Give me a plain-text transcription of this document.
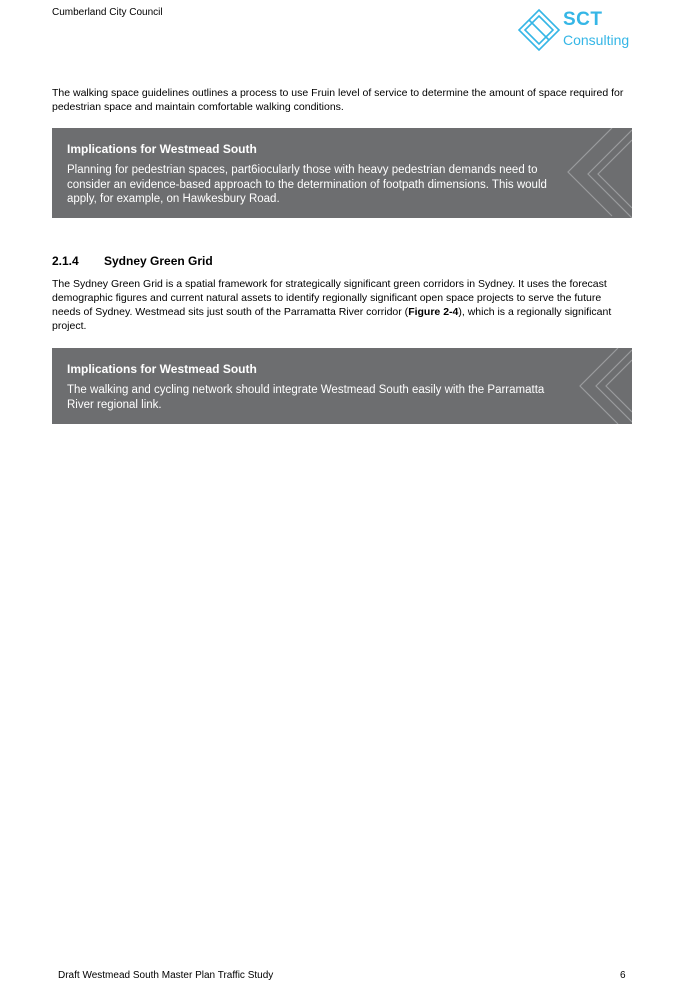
Cumberland City Council	SCT
Consulting
The walking space guidelines outlines a process to use Fruin level of service to determine the amount of space required for pedestrian space and maintain comfortable walking conditions.
Implications for Westmead South
Planning for pedestrian spaces, part6iocularly those with heavy pedestrian demands need to consider an evidence-based approach to the determination of footpath dimensions. This would apply, for example, on Hawkesbury Road.
2.1.4 Sydney Green Grid
The Sydney Green Grid is a spatial framework for strategically significant green corridors in Sydney. It uses the forecast demographic figures and current natural assets to identify regionally significant open space projects to serve the future needs of Sydney. Westmead sits just south of the Parramatta River corridor (Figure 2-4), which is a regionally significant project.
Implications for Westmead South
The walking and cycling network should integrate Westmead South easily with the Parramatta River regional link.
Draft Westmead South Master Plan Traffic Study	6
